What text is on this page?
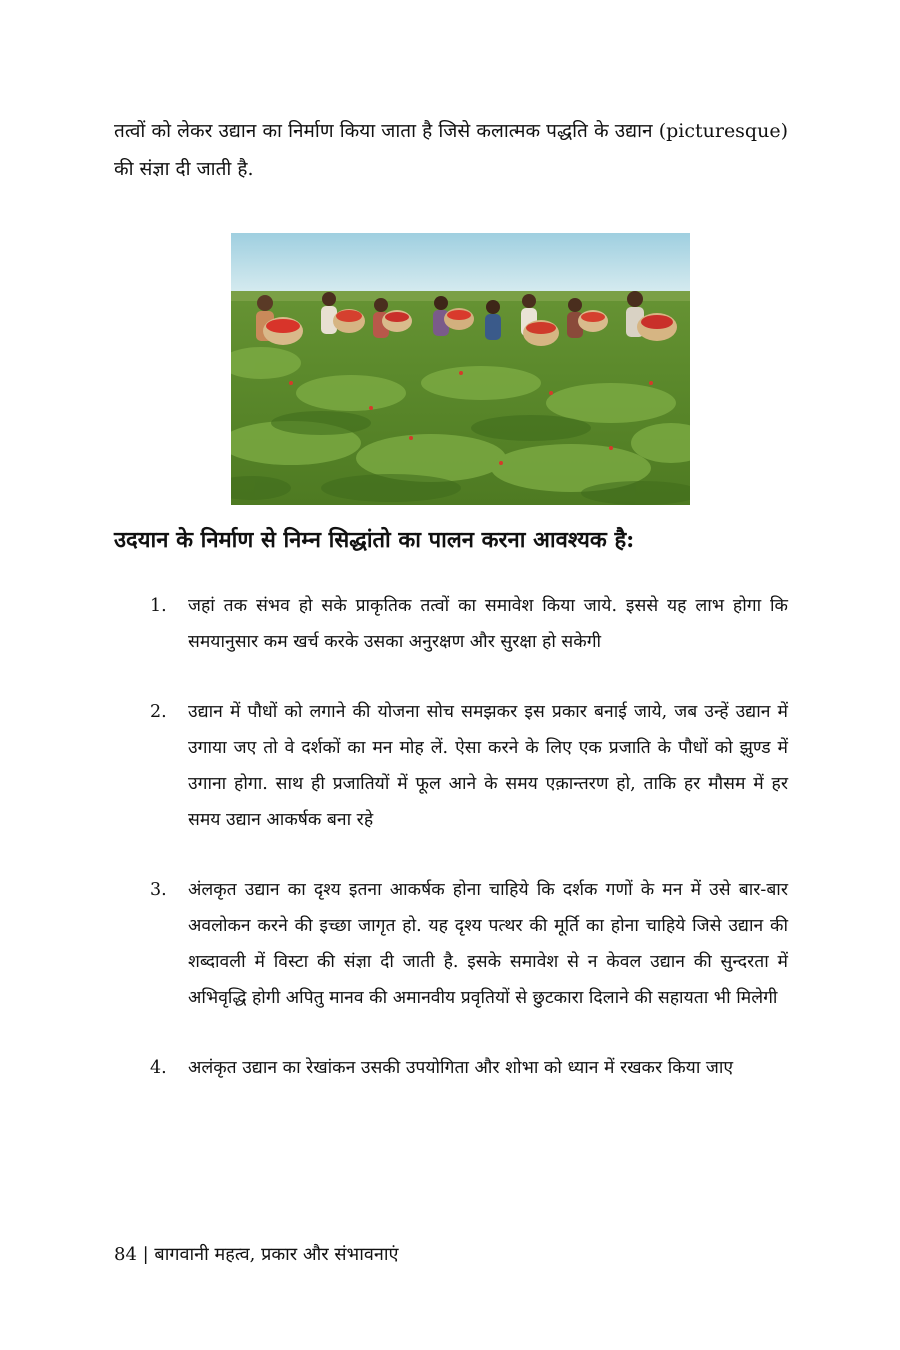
तत्वों को लेकर उद्यान का निर्माण किया जाता है जिसे कलात्मक पद्धति के उद्यान (picturesque) की संज्ञा दी जाती है.

उदयान के निर्माण से निम्न सिद्धांतो का पालन करना आवश्यक है:
1.	जहां तक संभव हो सके प्राकृतिक तत्वों का समावेश किया जाये. इससे यह लाभ होगा कि समयानुसार कम खर्च करके उसका अनुरक्षण और सुरक्षा हो सकेगी
2.	उद्यान में पौधों को लगाने की योजना सोच समझकर इस प्रकार बनाई जाये, जब उन्हें उद्यान में उगाया जए तो वे दर्शकों का मन मोह लें. ऐसा करने के लिए एक प्रजाति के पौधों को झुण्ड में उगाना होगा. साथ ही प्रजातियों में फूल आने के समय एक़ान्तरण हो, ताकि हर मौसम में हर समय उद्यान आकर्षक बना रहे
3.	अंलकृत उद्यान का दृश्य इतना आकर्षक होना चाहिये कि दर्शक गणों के मन में उसे बार-बार अवलोकन करने की इच्छा जागृत हो. यह दृश्य पत्थर की मूर्ति का होना चाहिये जिसे उद्यान की शब्दावली में विस्टा की संज्ञा दी जाती है. इसके समावेश से न केवल उद्यान की सुन्दरता में अभिवृद्धि होगी अपितु मानव की अमानवीय प्रवृतियों से छुटकारा दिलाने की सहायता भी मिलेगी
4.	अलंकृत उद्यान का रेखांकन उसकी उपयोगिता और शोभा को ध्यान में रखकर किया जाए

84 | बागवानी महत्व, प्रकार और संभावनाएं
